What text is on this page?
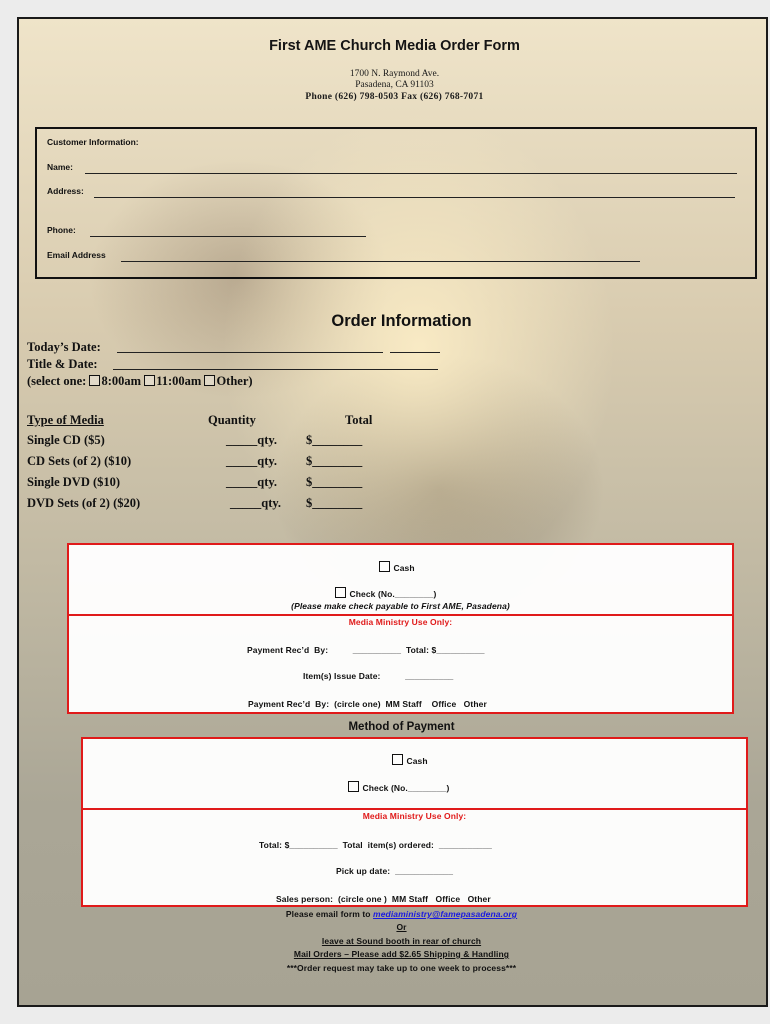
First AME Church Media Order Form
1700 N. Raymond Ave.
Pasadena, CA 91103
Phone (626) 798-0503 Fax (626) 768-7071
Customer Information:
Name:
Address:
Phone:
Email Address
Order Information
Today’s Date:
Title & Date:
(select one: 8:00am 11:00am Other)
Type of Media	Quantity	Total
Single CD ($5)	_____qty. $________
CD Sets (of 2) ($10)	_____qty. $________
Single DVD ($10)	_____qty. $________
DVD Sets (of 2) ($20)	_____qty. $________
Cash
Check (No.________)
(Please make check payable to First AME, Pasadena)
Media Ministry Use Only:
Payment Rec’d  By:          __________  Total: $__________
Item(s) Issue Date:          __________
Payment Rec’d  By:  (circle one)  MM Staff    Office   Other
Method of Payment
Cash
Check (No.________)
Media Ministry Use Only:
Total: $__________  Total  item(s) ordered:  ___________
Pick up date:  ____________
Sales person:  (circle one )  MM Staff   Office   Other
Please email form to mediaministry@famepasadena.org
Or
leave at Sound booth in rear of church
Mail Orders – Please add $2.65 Shipping & Handling
***Order request may take up to one week to process***
